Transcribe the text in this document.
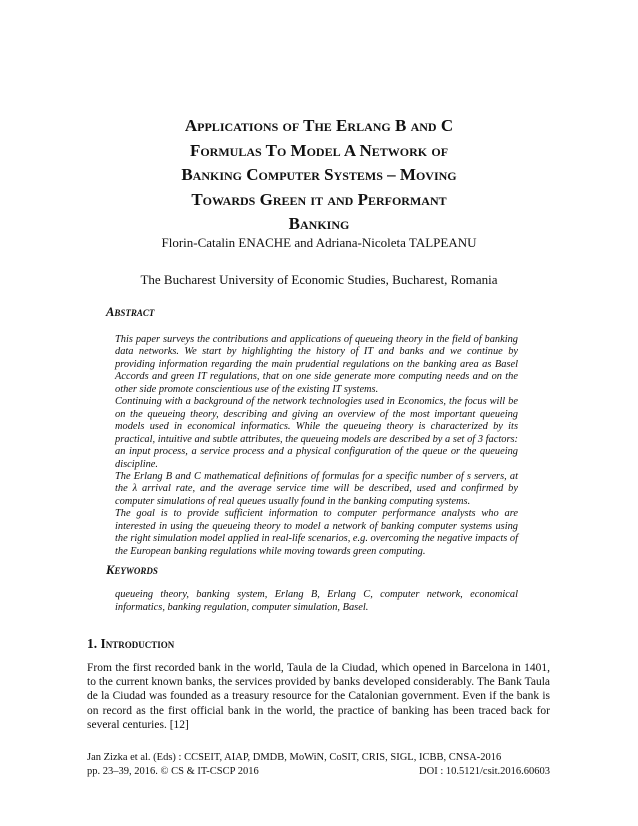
Applications of The Erlang B and C
Formulas To Model A Network of
Banking Computer Systems – Moving
Towards Green it and Performant
Banking
Florin-Catalin ENACHE and Adriana-Nicoleta TALPEANU
The Bucharest University of Economic Studies, Bucharest, Romania
Abstract

This paper surveys the contributions and applications of queueing theory in the field of banking data networks. We start by highlighting the history of IT and banks and we continue by providing information regarding the main prudential regulations on the banking area as Basel Accords and green IT regulations, that on one side generate more computing needs and on the other side promote conscientious use of the existing IT systems.

Continuing with a background of the network technologies used in Economics, the focus will be on the queueing theory, describing and giving an overview of the most important queueing models used in economical informatics. While the queueing theory is characterized by its practical, intuitive and subtle attributes, the queueing models are described by a set of 3 factors: an input process, a service process and a physical configuration of the queue or the queueing discipline.

The Erlang B and C mathematical definitions of formulas for a specific number of s servers, at the λ arrival rate, and the average service time will be described, used and confirmed by computer simulations of real queues usually found in the banking computing systems.

The goal is to provide sufficient information to computer performance analysts who are interested in using the queueing theory to model a network of banking computer systems using the right simulation model applied in real-life scenarios, e.g. overcoming the negative impacts of the European banking regulations while moving towards green computing.

Keywords
queueing theory, banking system, Erlang B, Erlang C, computer network, economical informatics, banking regulation, computer simulation, Basel.
1. Introduction

From the first recorded bank in the world, Taula de la Ciudad, which opened in Barcelona in 1401, to the current known banks, the services provided by banks developed considerably. The Bank Taula de la Ciudad was founded as a treasury resource for the Catalonian government. Even if the bank is on record as the first official bank in the world, the practice of banking has been traced back for several centuries. [12]

Jan Zizka et al. (Eds) : CCSEIT, AIAP, DMDB, MoWiN, CoSIT, CRIS, SIGL, ICBB, CNSA-2016
pp. 23–39, 2016. © CS & IT-CSCP 2016	DOI : 10.5121/csit.2016.60603
